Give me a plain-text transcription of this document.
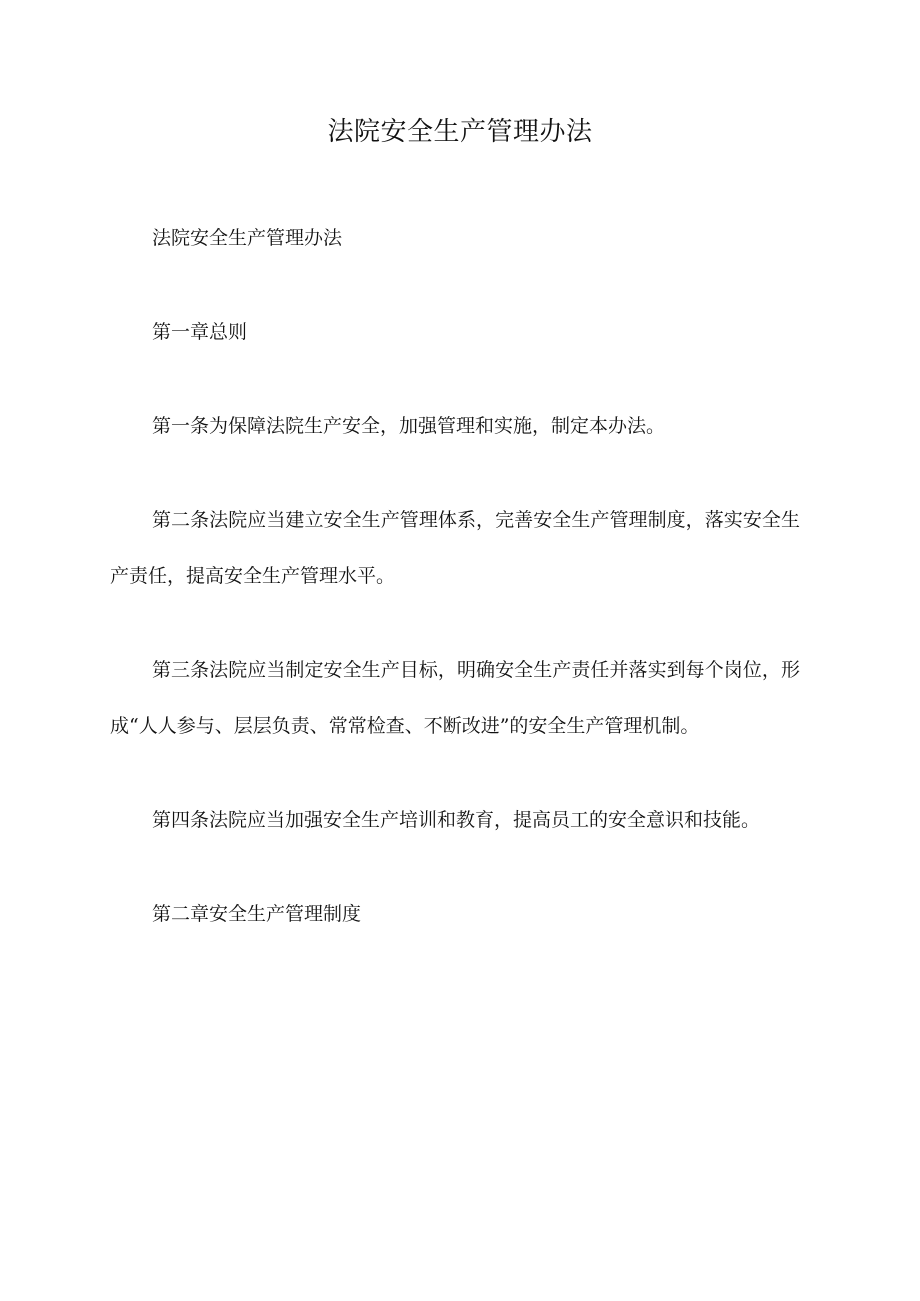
法院安全生产管理办法

法院安全生产管理办法

第一章总则

第一条为保障法院生产安全，加强管理和实施，制定本办法。

第二条法院应当建立安全生产管理体系，完善安全生产管理制度，落实安全生产责任，提高安全生产管理水平。

第三条法院应当制定安全生产目标，明确安全生产责任并落实到每个岗位，形成“人人参与、层层负责、常常检查、不断改进”的安全生产管理机制。

第四条法院应当加强安全生产培训和教育，提高员工的安全意识和技能。

第二章安全生产管理制度
